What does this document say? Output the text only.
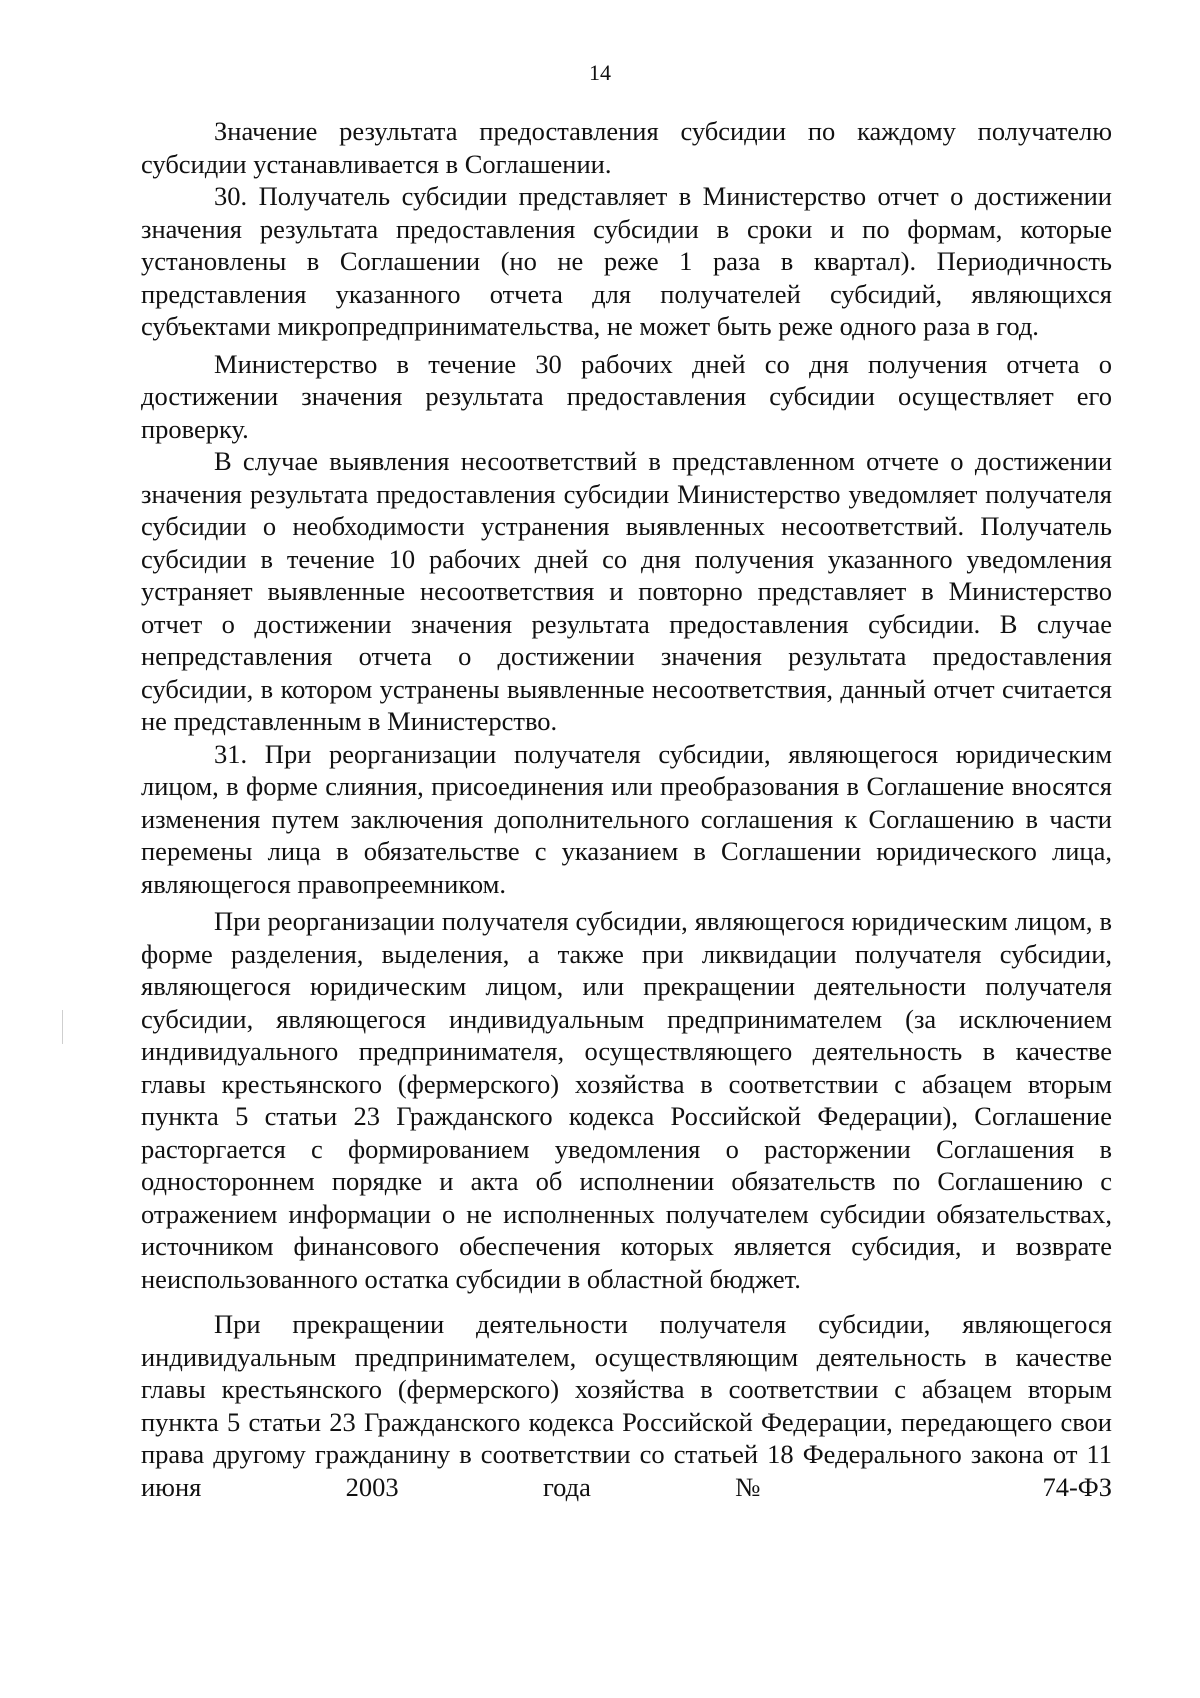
14

Значение результата предоставления субсидии по каждому получателю субсидии устанавливается в Соглашении.

30. Получатель субсидии представляет в Министерство отчет о достижении значения результата предоставления субсидии в сроки и по формам, которые установлены в Соглашении (но не реже 1 раза в квартал). Периодичность представления указанного отчета для получателей субсидий, являющихся субъектами микропредпринимательства, не может быть реже одного раза в год.

Министерство в течение 30 рабочих дней со дня получения отчета о достижении значения результата предоставления субсидии осуществляет его проверку.

В случае выявления несоответствий в представленном отчете о достижении значения результата предоставления субсидии Министерство уведомляет получателя субсидии о необходимости устранения выявленных несоответствий. Получатель субсидии в течение 10 рабочих дней со дня получения указанного уведомления устраняет выявленные несоответствия и повторно представляет в Министерство отчет о достижении значения результата предоставления субсидии. В случае непредставления отчета о достижении значения результата предоставления субсидии, в котором устранены выявленные несоответствия, данный отчет считается не представленным в Министерство.

31. При реорганизации получателя субсидии, являющегося юридическим лицом, в форме слияния, присоединения или преобразования в Соглашение вносятся изменения путем заключения дополнительного соглашения к Соглашению в части перемены лица в обязательстве с указанием в Соглашении юридического лица, являющегося правопреемником.

При реорганизации получателя субсидии, являющегося юридическим лицом, в форме разделения, выделения, а также при ликвидации получателя субсидии, являющегося юридическим лицом, или прекращении деятельности получателя субсидии, являющегося индивидуальным предпринимателем (за исключением индивидуального предпринимателя, осуществляющего деятельность в качестве главы крестьянского (фермерского) хозяйства в соответствии с абзацем вторым пункта 5 статьи 23 Гражданского кодекса Российской Федерации), Соглашение расторгается с формированием уведомления о расторжении Соглашения в одностороннем порядке и акта об исполнении обязательств по Соглашению с отражением информации о не исполненных получателем субсидии обязательствах, источником финансового обеспечения которых является субсидия, и возврате неиспользованного остатка субсидии в областной бюджет.

При прекращении деятельности получателя субсидии, являющегося индивидуальным предпринимателем, осуществляющим деятельность в качестве главы крестьянского (фермерского) хозяйства в соответствии с абзацем вторым пункта 5 статьи 23 Гражданского кодекса Российской Федерации, передающего свои права другому гражданину в соответствии со статьей 18 Федерального закона от 11 июня 2003 года № 74-ФЗ
